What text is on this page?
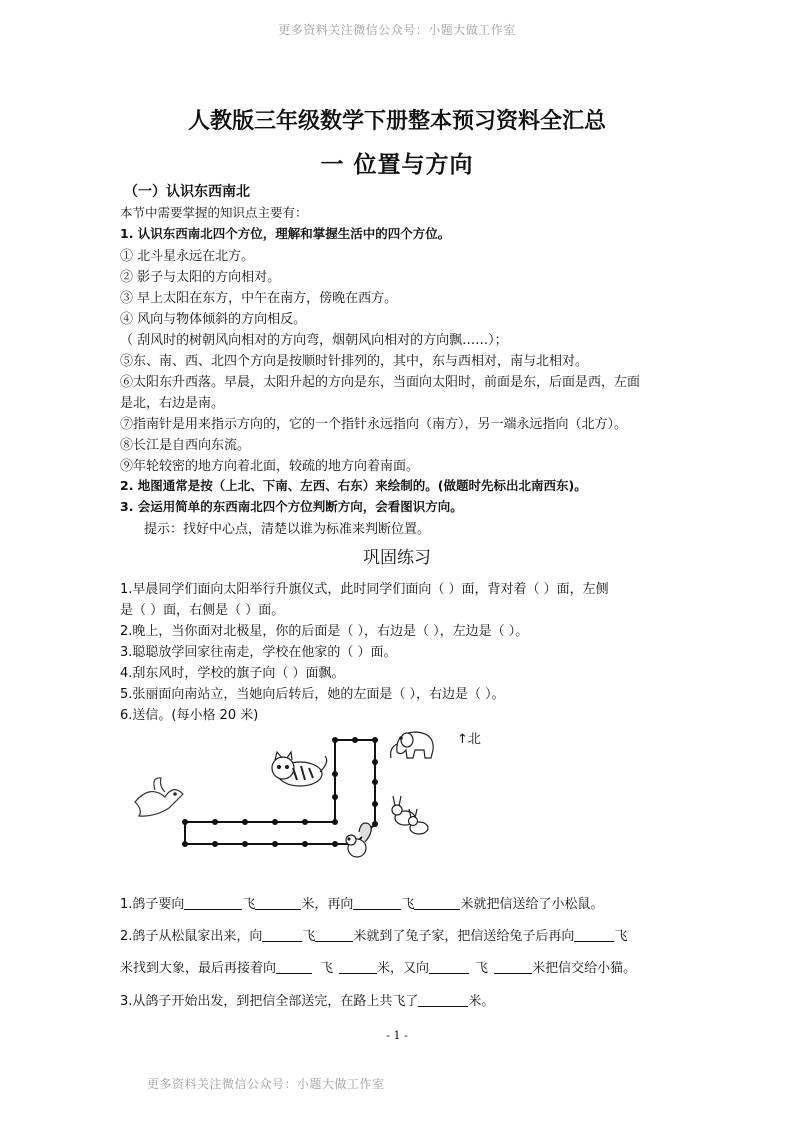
更多资料关注微信公众号：小题大做工作室
人教版三年级数学下册整本预习资料全汇总
一 位置与方向
（一）认识东西南北
本节中需要掌握的知识点主要有：
1. 认识东西南北四个方位，理解和掌握生活中的四个方位。
① 北斗星永远在北方。
② 影子与太阳的方向相对。
③ 早上太阳在东方，中午在南方，傍晚在西方。
④ 风向与物体倾斜的方向相反。
（ 刮风时的树朝风向相对的方向弯，烟朝风向相对的方向飘……）；
⑤东、南、西、北四个方向是按顺时针排列的，其中，东与西相对，南与北相对。
⑥太阳东升西落。早晨，太阳升起的方向是东，当面向太阳时，前面是东，后面是西，左面
是北，右边是南。
⑦指南针是用来指示方向的，它的一个指针永远指向（南方），另一端永远指向（北方）。
⑧长江是自西向东流。
⑨年轮较密的地方向着北面，较疏的地方向着南面。
2. 地图通常是按（上北、下南、左西、右东）来绘制的。(做题时先标出北南西东)。
3. 会运用简单的东西南北四个方位判断方向，会看图识方向。
提示：找好中心点，清楚以谁为标准来判断位置。
巩固练习
1.早晨同学们面向太阳举行升旗仪式，此时同学们面向（ ）面，背对着（ ）面，左侧
是（ ）面，右侧是（ ）面。
2.晚上，当你面对北极星，你的后面是（ ），右边是（ ），左边是（ ）。
3.聪聪放学回家往南走，学校在他家的（ ）面。
4.刮东风时，学校的旗子向（ ）面飘。
5.张丽面向南站立，当她向后转后，她的左面是（ ），右边是（ ）。
6.送信。(每小格 20 米)
↑北
1.鸽子要向	飞	米，再向	飞	米就把信送给了小松鼠。
2.鸽子从松鼠家出来，向	飞	米就到了兔子家，把信送给兔子后再向	飞
米找到大象，最后再接着向	飞	米，又向	飞	米把信交给小猫。
3.从鸽子开始出发，到把信全部送完，在路上共飞了	米。
- 1 -
更多资料关注微信公众号：小题大做工作室
